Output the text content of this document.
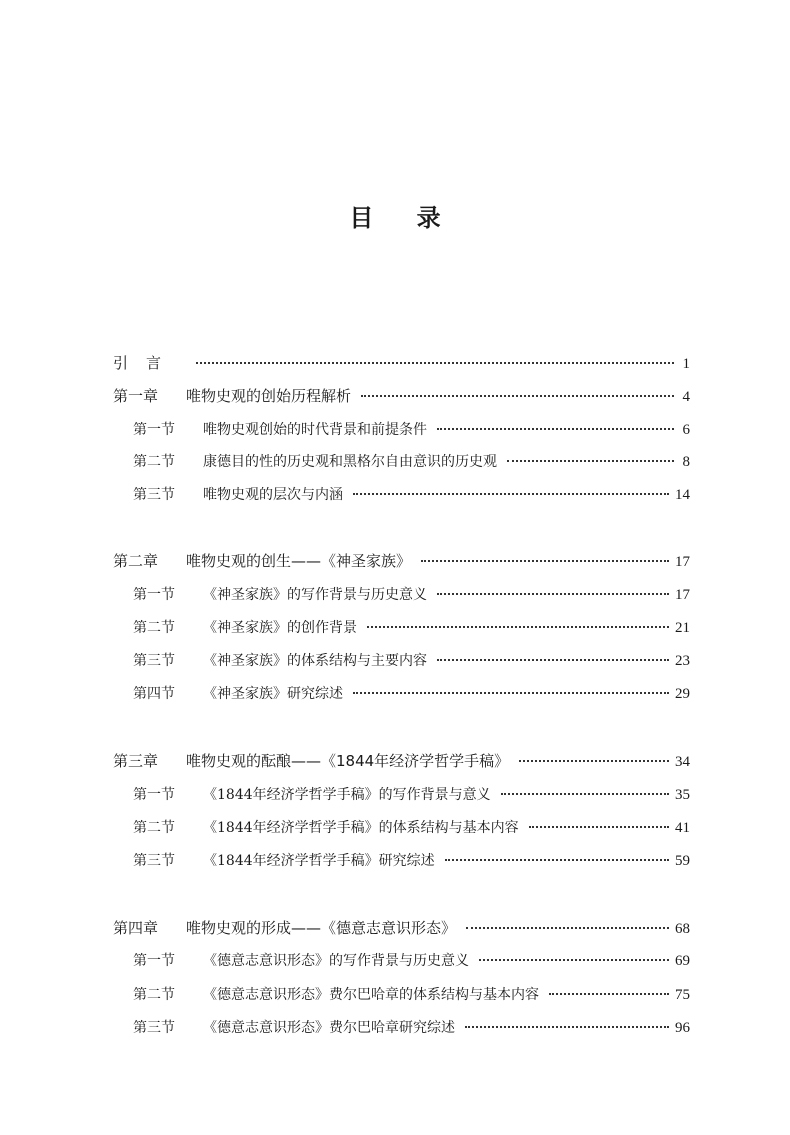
目录
引言	1
第一章	唯物史观的创始历程解析	4
第一节	唯物史观创始的时代背景和前提条件	6
第二节	康德目的性的历史观和黑格尔自由意识的历史观	8
第三节	唯物史观的层次与内涵	14
第二章	唯物史观的创生——《神圣家族》	17
第一节	《神圣家族》的写作背景与历史意义	17
第二节	《神圣家族》的创作背景	21
第三节	《神圣家族》的体系结构与主要内容	23
第四节	《神圣家族》研究综述	29
第三章	唯物史观的酝酿——《1844年经济学哲学手稿》	34
第一节	《1844年经济学哲学手稿》的写作背景与意义	35
第二节	《1844年经济学哲学手稿》的体系结构与基本内容	41
第三节	《1844年经济学哲学手稿》研究综述	59
第四章	唯物史观的形成——《德意志意识形态》	68
第一节	《德意志意识形态》的写作背景与历史意义	69
第二节	《德意志意识形态》费尔巴哈章的体系结构与基本内容	75
第三节	《德意志意识形态》费尔巴哈章研究综述	96
